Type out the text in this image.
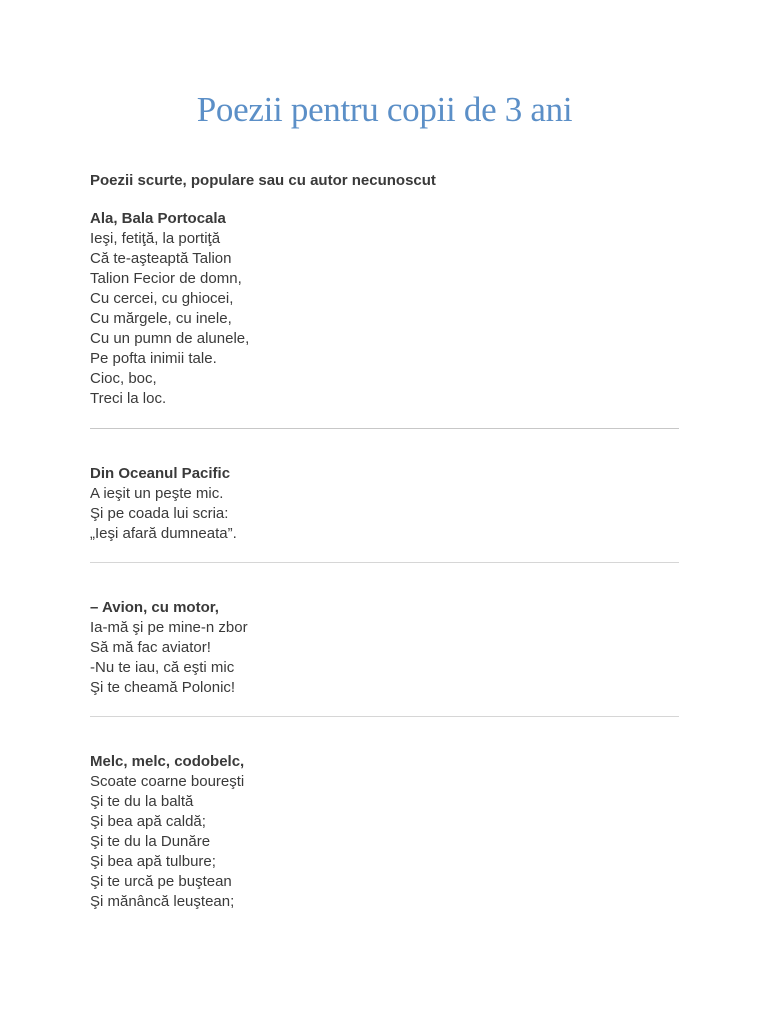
Poezii pentru copii de 3 ani

Poezii scurte, populare sau cu autor necunoscut

Ala, Bala Portocala

Ieşi, fetiţă, la portiţă

Că te-aşteaptă Talion

Talion Fecior de domn,

Cu cercei, cu ghiocei,

Cu mărgele, cu inele,

Cu un pumn de alunele,

Pe pofta inimii tale.

Cioc, boc,

Treci la loc.

Din Oceanul Pacific

A ieşit un peşte mic.

Şi pe coada lui scria:

„Ieşi afară dumneata”.

– Avion, cu motor,

Ia-mă şi pe mine-n zbor

Să mă fac aviator!

-Nu te iau, că eşti mic

Şi te cheamă Polonic!

Melc, melc, codobelc,

Scoate coarne boureşti

Şi te du la baltă

Şi bea apă caldă;

Şi te du la Dunăre

Şi bea apă tulbure;

Şi te urcă pe buştean

Şi mănâncă leuştean;
